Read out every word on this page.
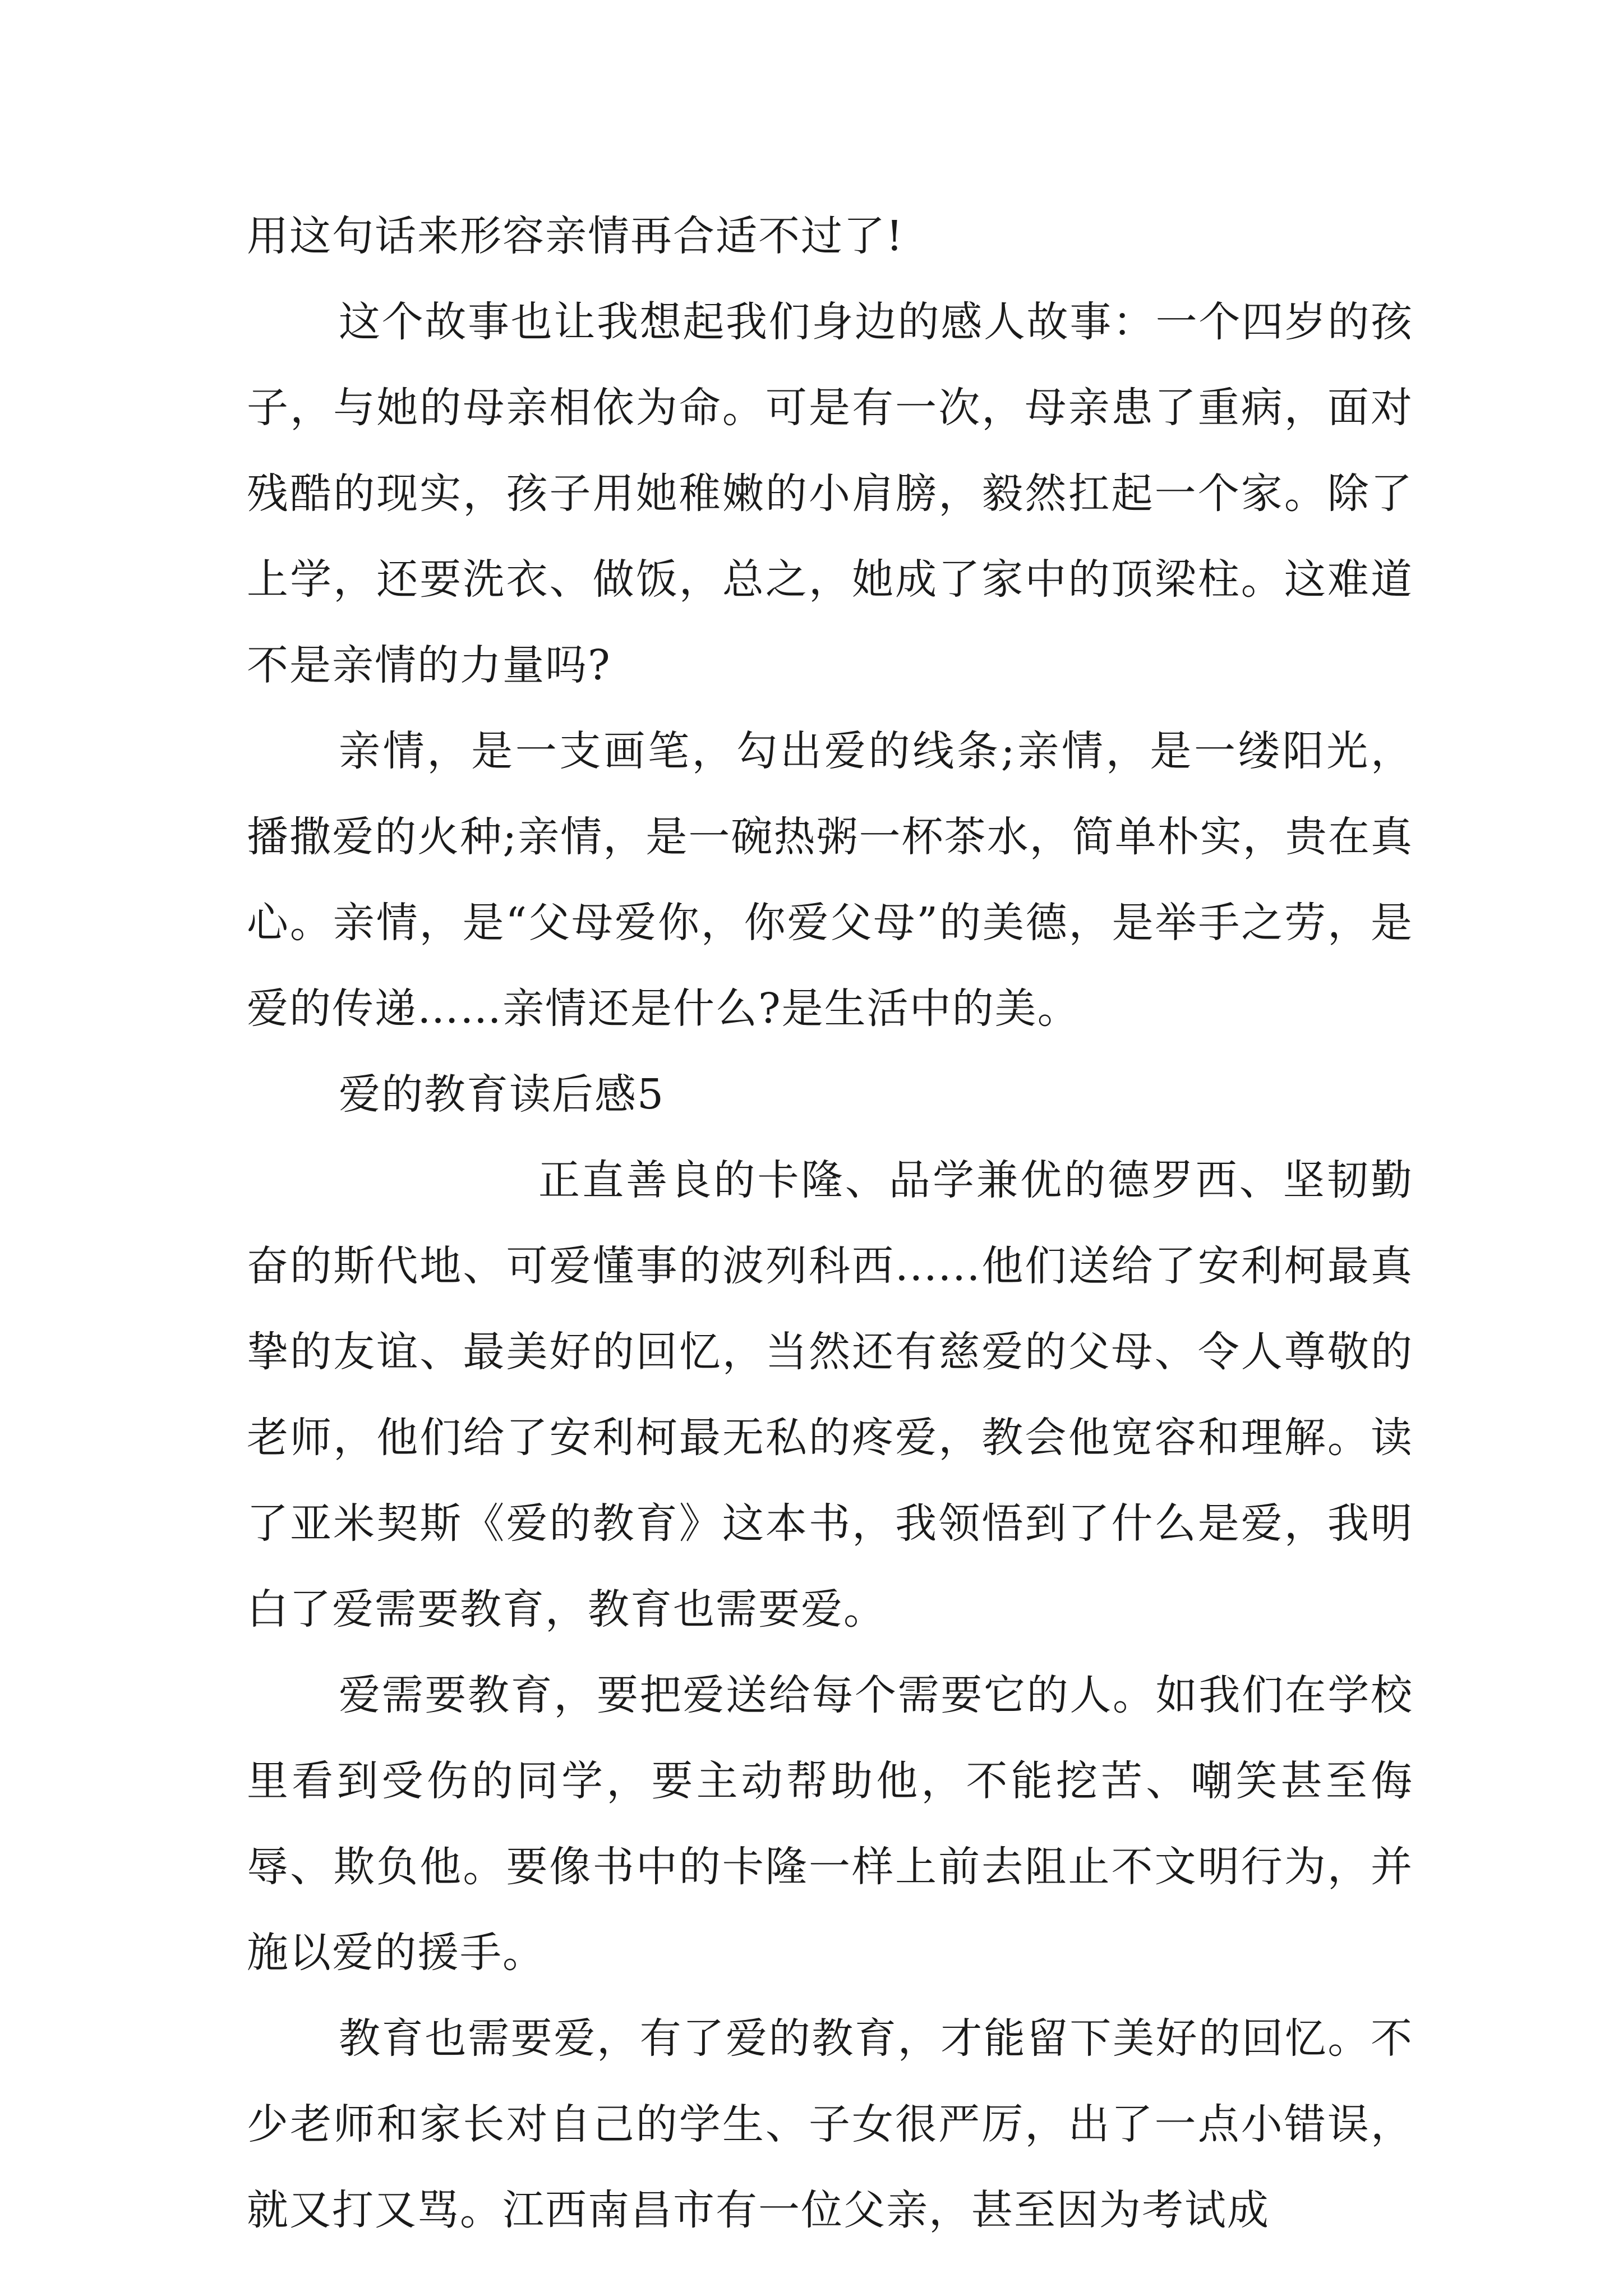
用这句话来形容亲情再合适不过了!

这个故事也让我想起我们身边的感人故事：一个四岁的孩子，与她的母亲相依为命。可是有一次，母亲患了重病，面对残酷的现实，孩子用她稚嫩的小肩膀，毅然扛起一个家。除了上学，还要洗衣、做饭，总之，她成了家中的顶梁柱。这难道不是亲情的力量吗?

亲情，是一支画笔，勾出爱的线条;亲情，是一缕阳光，播撒爱的火种;亲情，是一碗热粥一杯茶水，简单朴实，贵在真心。亲情，是“父母爱你，你爱父母”的美德，是举手之劳，是爱的传递……亲情还是什么?是生活中的美。

爱的教育读后感5

正直善良的卡隆、品学兼优的德罗西、坚韧勤奋的斯代地、可爱懂事的波列科西......他们送给了安利柯最真挚的友谊、最美好的回忆，当然还有慈爱的父母、令人尊敬的老师，他们给了安利柯最无私的疼爱，教会他宽容和理解。读了亚米契斯《爱的教育》这本书，我领悟到了什么是爱，我明白了爱需要教育，教育也需要爱。

爱需要教育，要把爱送给每个需要它的人。如我们在学校里看到受伤的同学，要主动帮助他，不能挖苦、嘲笑甚至侮辱、欺负他。要像书中的卡隆一样上前去阻止不文明行为，并施以爱的援手。

教育也需要爱，有了爱的教育，才能留下美好的回忆。不少老师和家长对自己的学生、子女很严厉，出了一点小错误，就又打又骂。江西南昌市有一位父亲，甚至因为考试成
